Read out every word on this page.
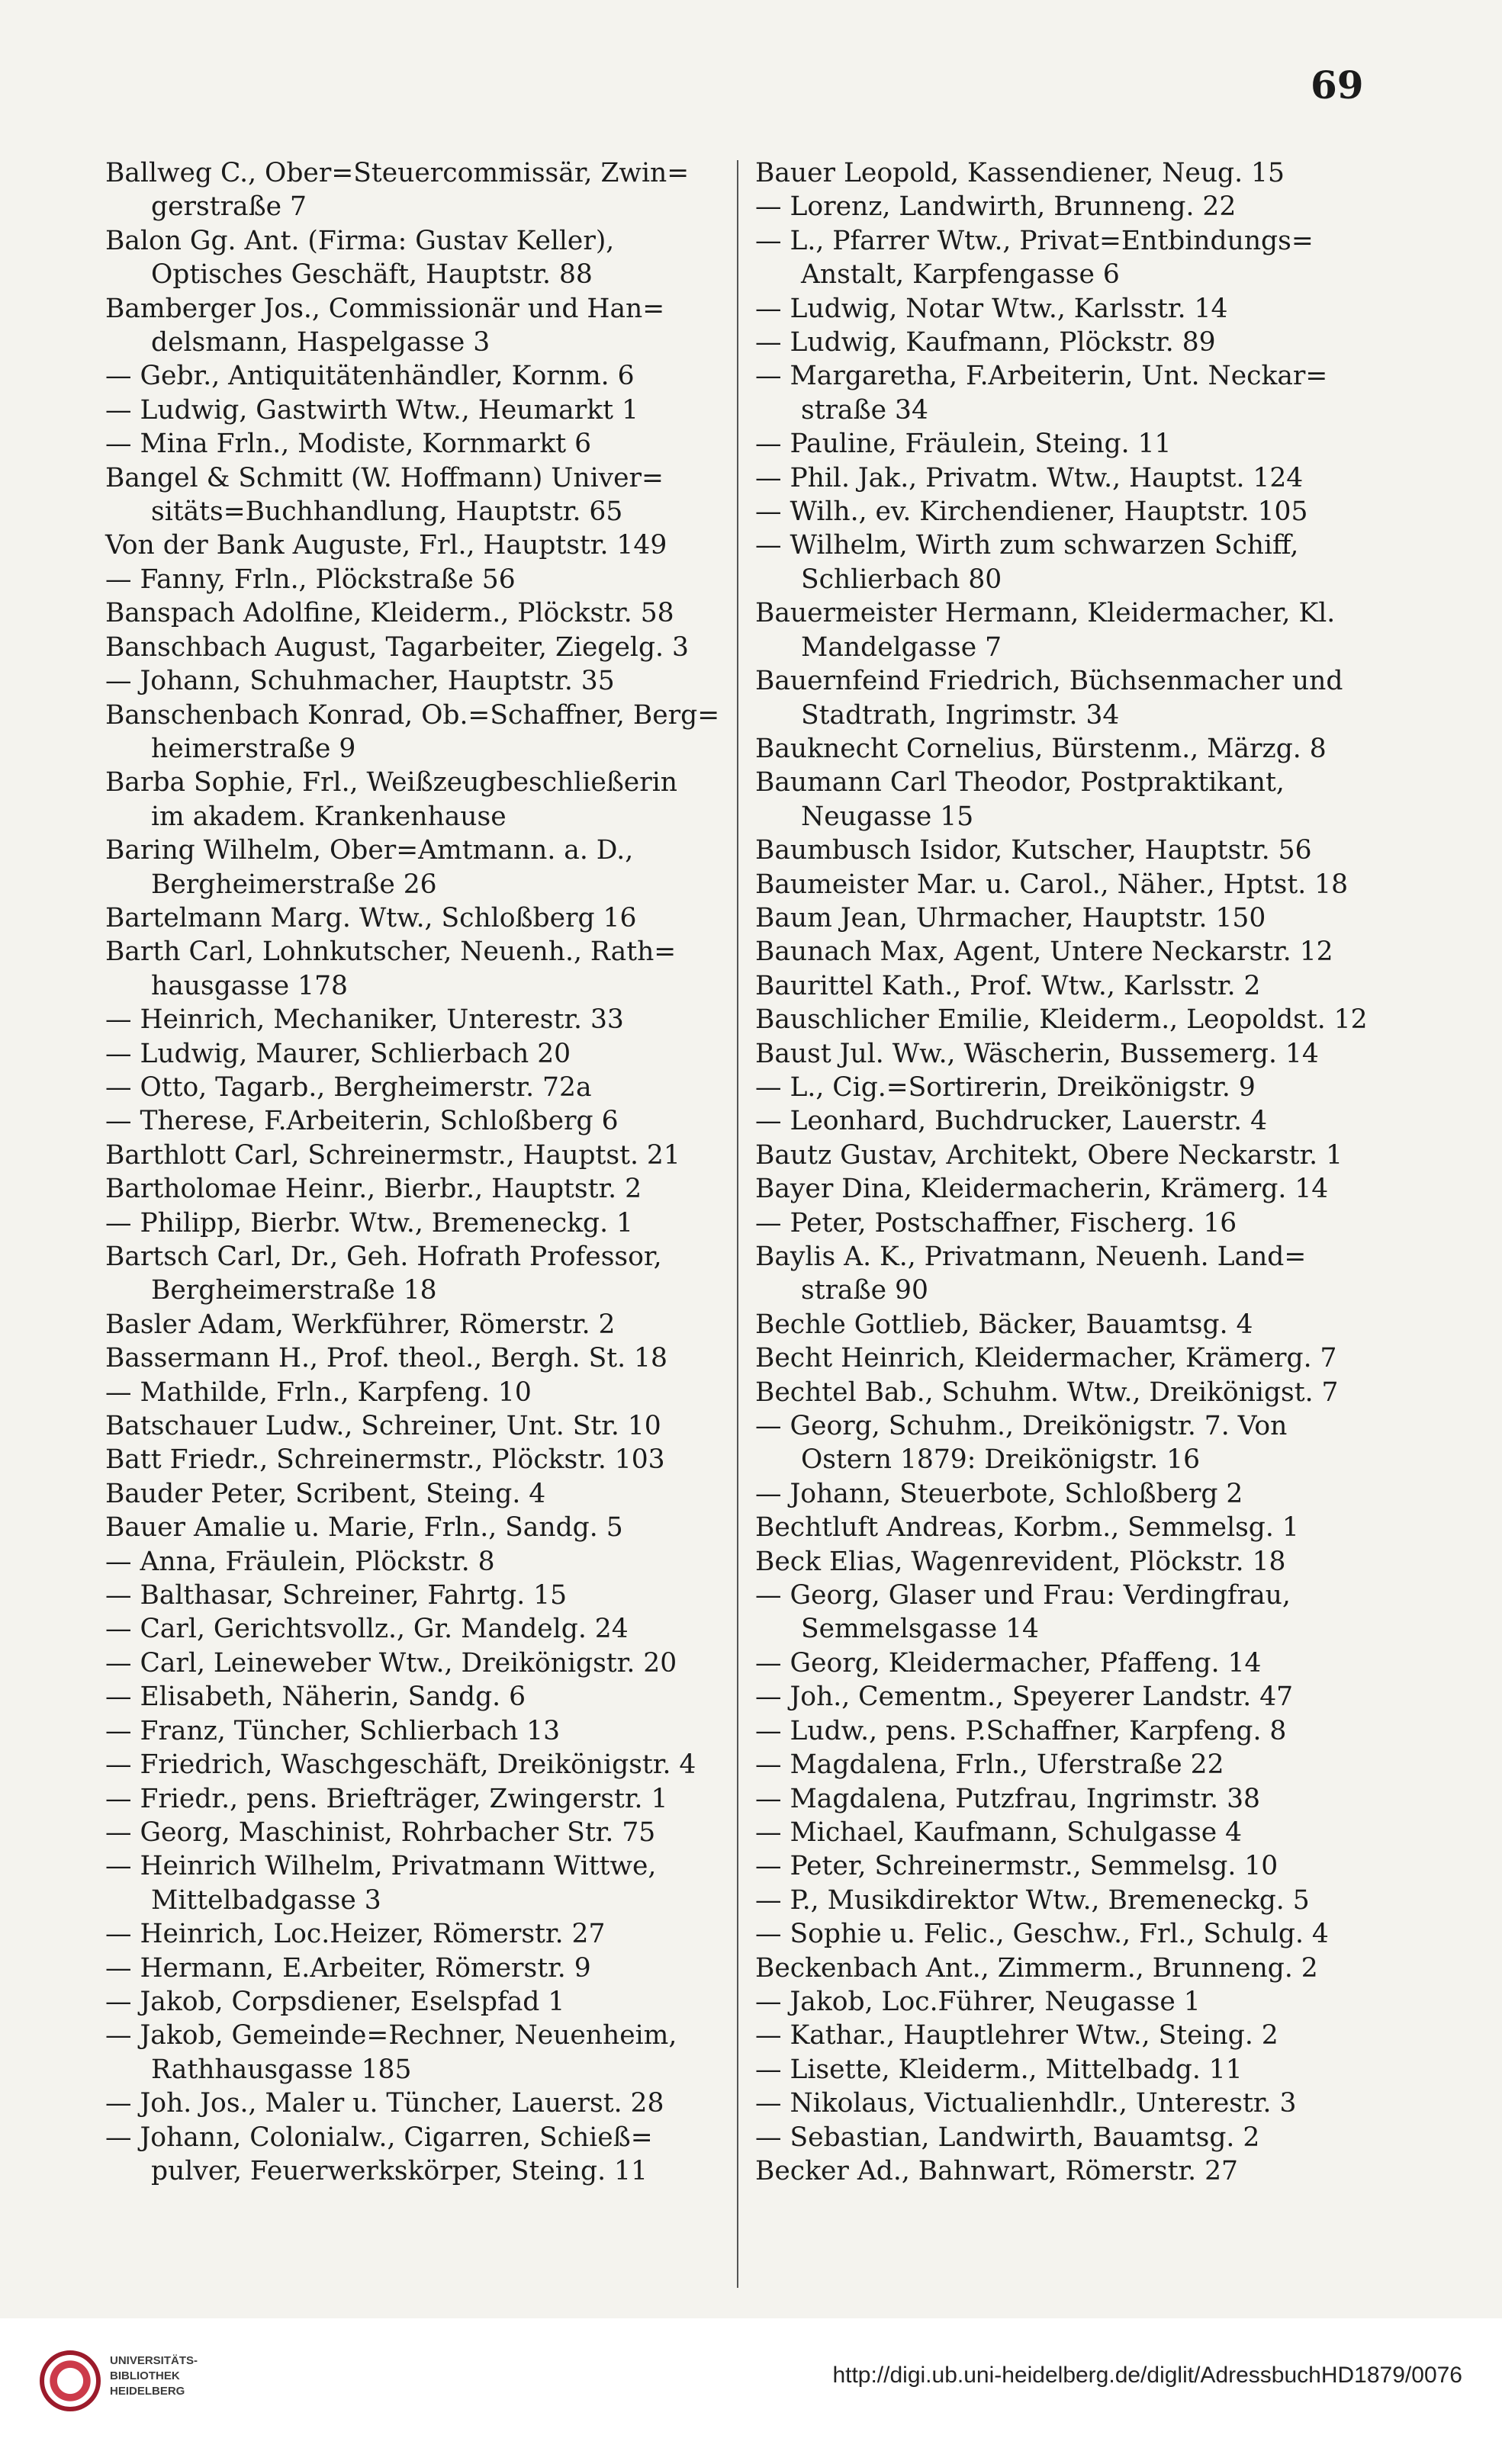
69
Ballweg C., Ober=Steuercommissär, Zwin=
gerstraße 7
Balon Gg. Ant. (Firma: Gustav Keller),
Optisches Geschäft, Hauptstr. 88
Bamberger Jos., Commissionär und Han=
delsmann, Haspelgasse 3
— Gebr., Antiquitätenhändler, Kornm. 6
— Ludwig, Gastwirth Wtw., Heumarkt 1
— Mina Frln., Modiste, Kornmarkt 6
Bangel & Schmitt (W. Hoffmann) Univer=
sitäts=Buchhandlung, Hauptstr. 65
Von der Bank Auguste, Frl., Hauptstr. 149
— Fanny, Frln., Plöckstraße 56
Banspach Adolfine, Kleiderm., Plöckstr. 58
Banschbach August, Tagarbeiter, Ziegelg. 3
— Johann, Schuhmacher, Hauptstr. 35
Banschenbach Konrad, Ob.=Schaffner, Berg=
heimerstraße 9
Barba Sophie, Frl., Weißzeugbeschließerin
im akadem. Krankenhause
Baring Wilhelm, Ober=Amtmann. a. D.,
Bergheimerstraße 26
Bartelmann Marg. Wtw., Schloßberg 16
Barth Carl, Lohnkutscher, Neuenh., Rath=
hausgasse 178
— Heinrich, Mechaniker, Unterestr. 33
— Ludwig, Maurer, Schlierbach 20
— Otto, Tagarb., Bergheimerstr. 72a
— Therese, F.Arbeiterin, Schloßberg 6
Barthlott Carl, Schreinermstr., Hauptst. 21
Bartholomae Heinr., Bierbr., Hauptstr. 2
— Philipp, Bierbr. Wtw., Bremeneckg. 1
Bartsch Carl, Dr., Geh. Hofrath Professor,
Bergheimerstraße 18
Basler Adam, Werkführer, Römerstr. 2
Bassermann H., Prof. theol., Bergh. St. 18
— Mathilde, Frln., Karpfeng. 10
Batschauer Ludw., Schreiner, Unt. Str. 10
Batt Friedr., Schreinermstr., Plöckstr. 103
Bauder Peter, Scribent, Steing. 4
Bauer Amalie u. Marie, Frln., Sandg. 5
— Anna, Fräulein, Plöckstr. 8
— Balthasar, Schreiner, Fahrtg. 15
— Carl, Gerichtsvollz., Gr. Mandelg. 24
— Carl, Leineweber Wtw., Dreikönigstr. 20
— Elisabeth, Näherin, Sandg. 6
— Franz, Tüncher, Schlierbach 13
— Friedrich, Waschgeschäft, Dreikönigstr. 4
— Friedr., pens. Briefträger, Zwingerstr. 1
— Georg, Maschinist, Rohrbacher Str. 75
— Heinrich Wilhelm, Privatmann Wittwe,
Mittelbadgasse 3
— Heinrich, Loc.Heizer, Römerstr. 27
— Hermann, E.Arbeiter, Römerstr. 9
— Jakob, Corpsdiener, Eselspfad 1
— Jakob, Gemeinde=Rechner, Neuenheim,
Rathhausgasse 185
— Joh. Jos., Maler u. Tüncher, Lauerst. 28
— Johann, Colonialw., Cigarren, Schieß=
pulver, Feuerwerkskörper, Steing. 11
Bauer Leopold, Kassendiener, Neug. 15
— Lorenz, Landwirth, Brunneng. 22
— L., Pfarrer Wtw., Privat=Entbindungs=
Anstalt, Karpfengasse 6
— Ludwig, Notar Wtw., Karlsstr. 14
— Ludwig, Kaufmann, Plöckstr. 89
— Margaretha, F.Arbeiterin, Unt. Neckar=
straße 34
— Pauline, Fräulein, Steing. 11
— Phil. Jak., Privatm. Wtw., Hauptst. 124
— Wilh., ev. Kirchendiener, Hauptstr. 105
— Wilhelm, Wirth zum schwarzen Schiff,
Schlierbach 80
Bauermeister Hermann, Kleidermacher, Kl.
Mandelgasse 7
Bauernfeind Friedrich, Büchsenmacher und
Stadtrath, Ingrimstr. 34
Bauknecht Cornelius, Bürstenm., Märzg. 8
Baumann Carl Theodor, Postpraktikant,
Neugasse 15
Baumbusch Isidor, Kutscher, Hauptstr. 56
Baumeister Mar. u. Carol., Näher., Hptst. 18
Baum Jean, Uhrmacher, Hauptstr. 150
Baunach Max, Agent, Untere Neckarstr. 12
Baurittel Kath., Prof. Wtw., Karlsstr. 2
Bauschlicher Emilie, Kleiderm., Leopoldst. 12
Baust Jul. Ww., Wäscherin, Bussemerg. 14
— L., Cig.=Sortirerin, Dreikönigstr. 9
— Leonhard, Buchdrucker, Lauerstr. 4
Bautz Gustav, Architekt, Obere Neckarstr. 1
Bayer Dina, Kleidermacherin, Krämerg. 14
— Peter, Postschaffner, Fischerg. 16
Baylis A. K., Privatmann, Neuenh. Land=
straße 90
Bechle Gottlieb, Bäcker, Bauamtsg. 4
Becht Heinrich, Kleidermacher, Krämerg. 7
Bechtel Bab., Schuhm. Wtw., Dreikönigst. 7
— Georg, Schuhm., Dreikönigstr. 7. Von
Ostern 1879: Dreikönigstr. 16
— Johann, Steuerbote, Schloßberg 2
Bechtluft Andreas, Korbm., Semmelsg. 1
Beck Elias, Wagenrevident, Plöckstr. 18
— Georg, Glaser und Frau: Verdingfrau,
Semmelsgasse 14
— Georg, Kleidermacher, Pfaffeng. 14
— Joh., Cementm., Speyerer Landstr. 47
— Ludw., pens. P.Schaffner, Karpfeng. 8
— Magdalena, Frln., Uferstraße 22
— Magdalena, Putzfrau, Ingrimstr. 38
— Michael, Kaufmann, Schulgasse 4
— Peter, Schreinermstr., Semmelsg. 10
— P., Musikdirektor Wtw., Bremeneckg. 5
— Sophie u. Felic., Geschw., Frl., Schulg. 4
Beckenbach Ant., Zimmerm., Brunneng. 2
— Jakob, Loc.Führer, Neugasse 1
— Kathar., Hauptlehrer Wtw., Steing. 2
— Lisette, Kleiderm., Mittelbadg. 11
— Nikolaus, Victualienhdlr., Unterestr. 3
— Sebastian, Landwirth, Bauamtsg. 2
Becker Ad., Bahnwart, Römerstr. 27
UNIVERSITÄTS-
BIBLIOTHEK
HEIDELBERG
http://digi.ub.uni-heidelberg.de/diglit/AdressbuchHD1879/0076
